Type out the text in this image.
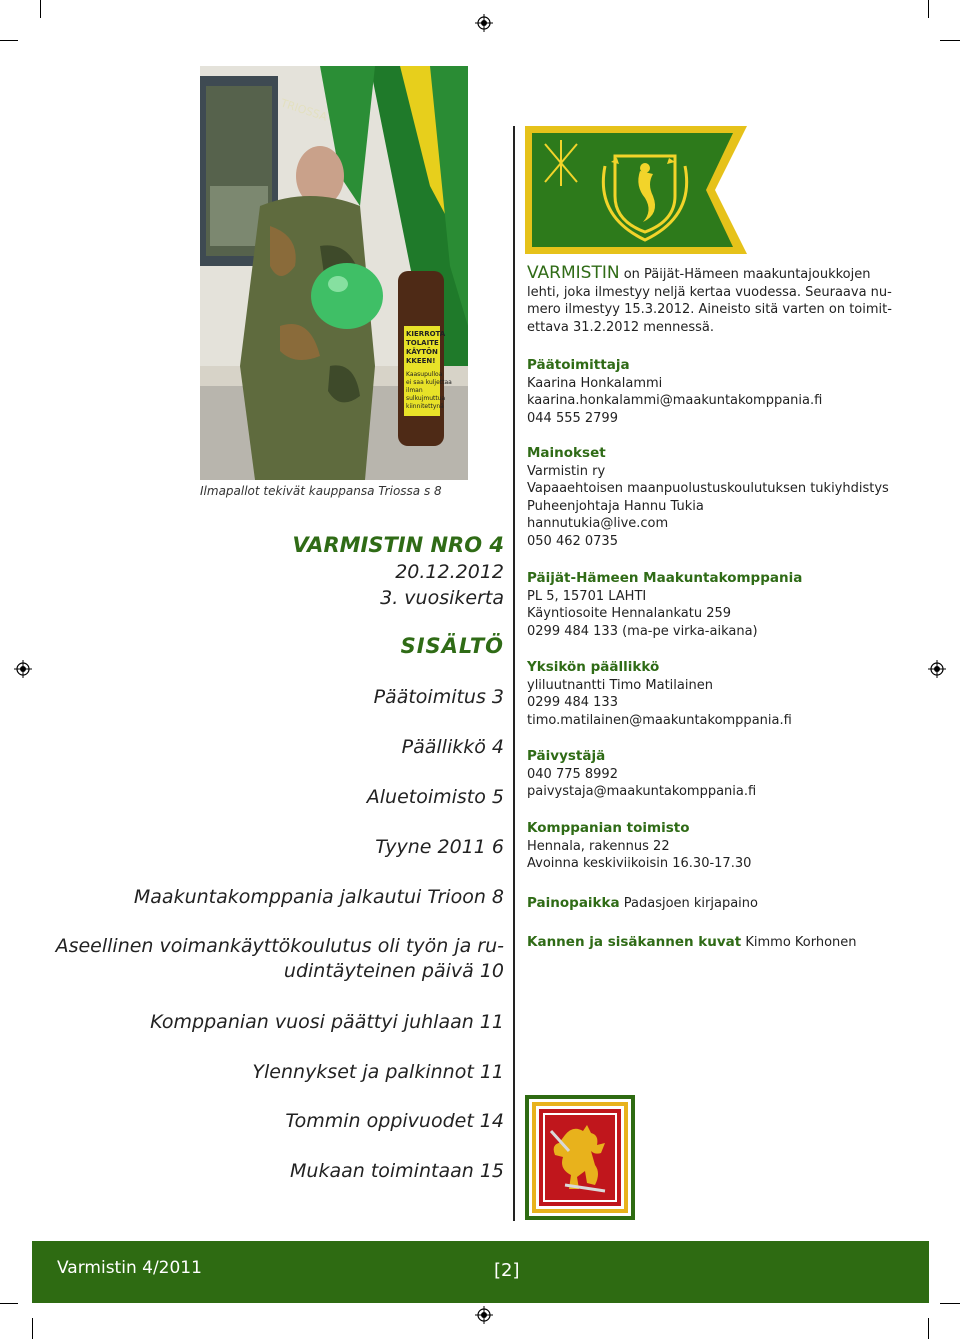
TRIOSSA
KIERROTA
TOLAITE
KÄYTÖN
KKEEN!
Kaasupulloa
ei saa kuljettaa
ilman
sulkujmuttua
kiinnitettynä
Ilmapallot tekivät kauppansa Triossa s 8
VARMISTIN NRO 4
20.12.2012
3. vuosikerta
SISÄLTÖ
Päätoimitus 3
Päällikkö 4
Aluetoimisto 5
Tyyne 2011 6
Maakuntakomppania jalkautui Trioon 8
Aseellinen voimankäyttökoulutus oli työn ja ru-
udintäyteinen päivä 10
Komppanian vuosi päättyi juhlaan 11
Ylennykset ja palkinnot 11
Tommin oppivuodet 14
Mukaan toimintaan 15
VARMISTIN on Päijät-Hämeen maakuntajoukkojen
lehti, joka ilmestyy neljä kertaa vuodessa. Seuraava nu-
mero ilmestyy 15.3.2012. Aineisto sitä varten on toimit-
ettava 31.2.2012 mennessä.
Päätoimittaja
Kaarina Honkalammi
kaarina.honkalammi@maakuntakomppania.fi
044 555 2799
Mainokset
Varmistin ry
Vapaaehtoisen maanpuolustuskoulutuksen tukiyhdistys
Puheenjohtaja Hannu Tukia
hannutukia@live.com
050 462 0735
Päijät-Hämeen Maakuntakomppania
PL 5, 15701 LAHTI
Käyntiosoite Hennalankatu 259
0299 484 133 (ma-pe virka-aikana)
Yksikön päällikkö
yliluutnantti Timo Matilainen
0299 484 133
timo.matilainen@maakuntakomppania.fi
Päivystäjä
040 775 8992
paivystaja@maakuntakomppania.fi
Komppanian toimisto
Hennala, rakennus 22
Avoinna keskiviikoisin 16.30-17.30
Painopaikka Padasjoen kirjapaino
Kannen ja sisäkannen kuvat Kimmo Korhonen
Varmistin 4/2011	[2]
